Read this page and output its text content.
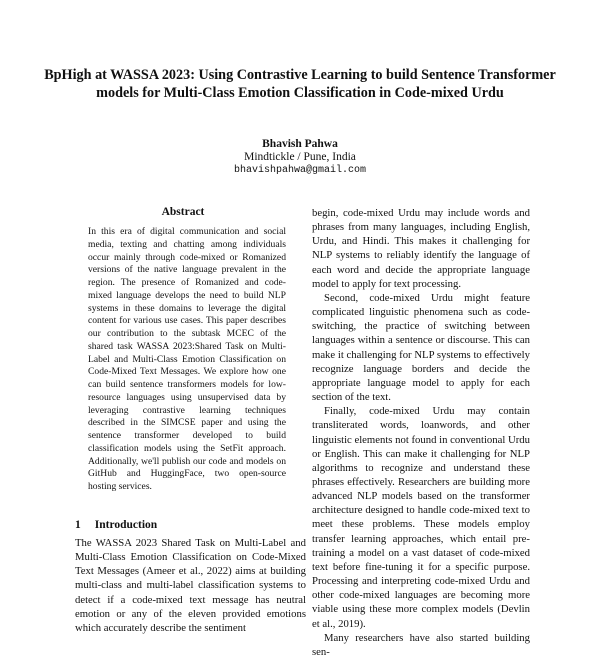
BpHigh at WASSA 2023: Using Contrastive Learning to build Sentence Transformer models for Multi-Class Emotion Classification in Code-mixed Urdu
Bhavish Pahwa
Mindtickle / Pune, India
bhavishpahwa@gmail.com
Abstract

In this era of digital communication and social media, texting and chatting among individuals occur mainly through code-mixed or Romanized versions of the native language prevalent in the region. The presence of Romanized and code-mixed language develops the need to build NLP systems in these domains to leverage the digital content for various use cases. This paper describes our contribution to the subtask MCEC of the shared task WASSA 2023:Shared Task on Multi-Label and Multi-Class Emotion Classification on Code-Mixed Text Messages. We explore how one can build sentence transformers models for low-resource languages using unsupervised data by leveraging contrastive learning techniques described in the SIMCSE paper and using the sentence transformer developed to build classification models using the SetFit approach. Additionally, we'll publish our code and models on GitHub and HuggingFace, two open-source hosting services.

1 Introduction

The WASSA 2023 Shared Task on Multi-Label and Multi-Class Emotion Classification on Code-Mixed Text Messages (Ameer et al., 2022) aims at building multi-class and multi-label classification systems to detect if a code-mixed text message has neutral emotion or any of the eleven provided emotions which accurately describe the sentiment

begin, code-mixed Urdu may include words and phrases from many languages, including English, Urdu, and Hindi. This makes it challenging for NLP systems to reliably identify the language of each word and decide the appropriate language model to apply for text processing.

Second, code-mixed Urdu might feature complicated linguistic phenomena such as code-switching, the practice of switching between languages within a sentence or discourse. This can make it challenging for NLP systems to effectively recognize language borders and decide the appropriate language model to apply for each section of the text.

Finally, code-mixed Urdu may contain transliterated words, loanwords, and other linguistic elements not found in conventional Urdu or English. This can make it challenging for NLP algorithms to recognize and understand these phrases effectively. Researchers are building more advanced NLP models based on the transformer architecture designed to handle code-mixed text to meet these problems. These models employ transfer learning approaches, which entail pre-training a model on a vast dataset of code-mixed text before fine-tuning it for a specific purpose. Processing and interpreting code-mixed Urdu and other code-mixed languages are becoming more viable using these more complex models (Devlin et al., 2019).

Many researchers have also started building sen-
